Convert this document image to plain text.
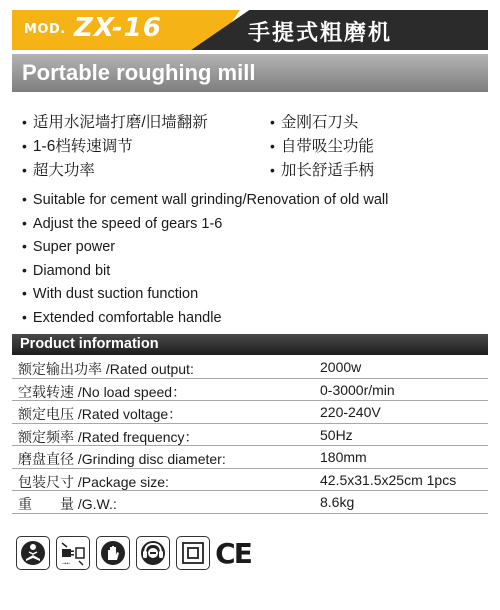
MOD. ZX-16	手提式粗磨机
Portable roughing mill
• 适用水泥墙打磨/旧墙翻新
• 1-6档转速调节
• 超大功率
• 金刚石刀头
• 自带吸尘功能
• 加长舒适手柄
• Suitable for cement wall grinding/Renovation of old wall
• Adjust the speed of gears 1-6
• Super power
• Diamond bit
• With dust suction function
• Extended comfortable handle
Product information
额定输出功率 /Rated output:	2000w
空载转速 /No load speed：	0-3000r/min
额定电压 /Rated voltage：	220-240V
额定频率 /Rated frequency：	50Hz
磨盘直径 /Grinding disc diameter:	180mm
包装尺寸 /Package size:	42.5x31.5x25cm 1pcs
重　　量 /G.W.:	8.6kg
→←	CE
